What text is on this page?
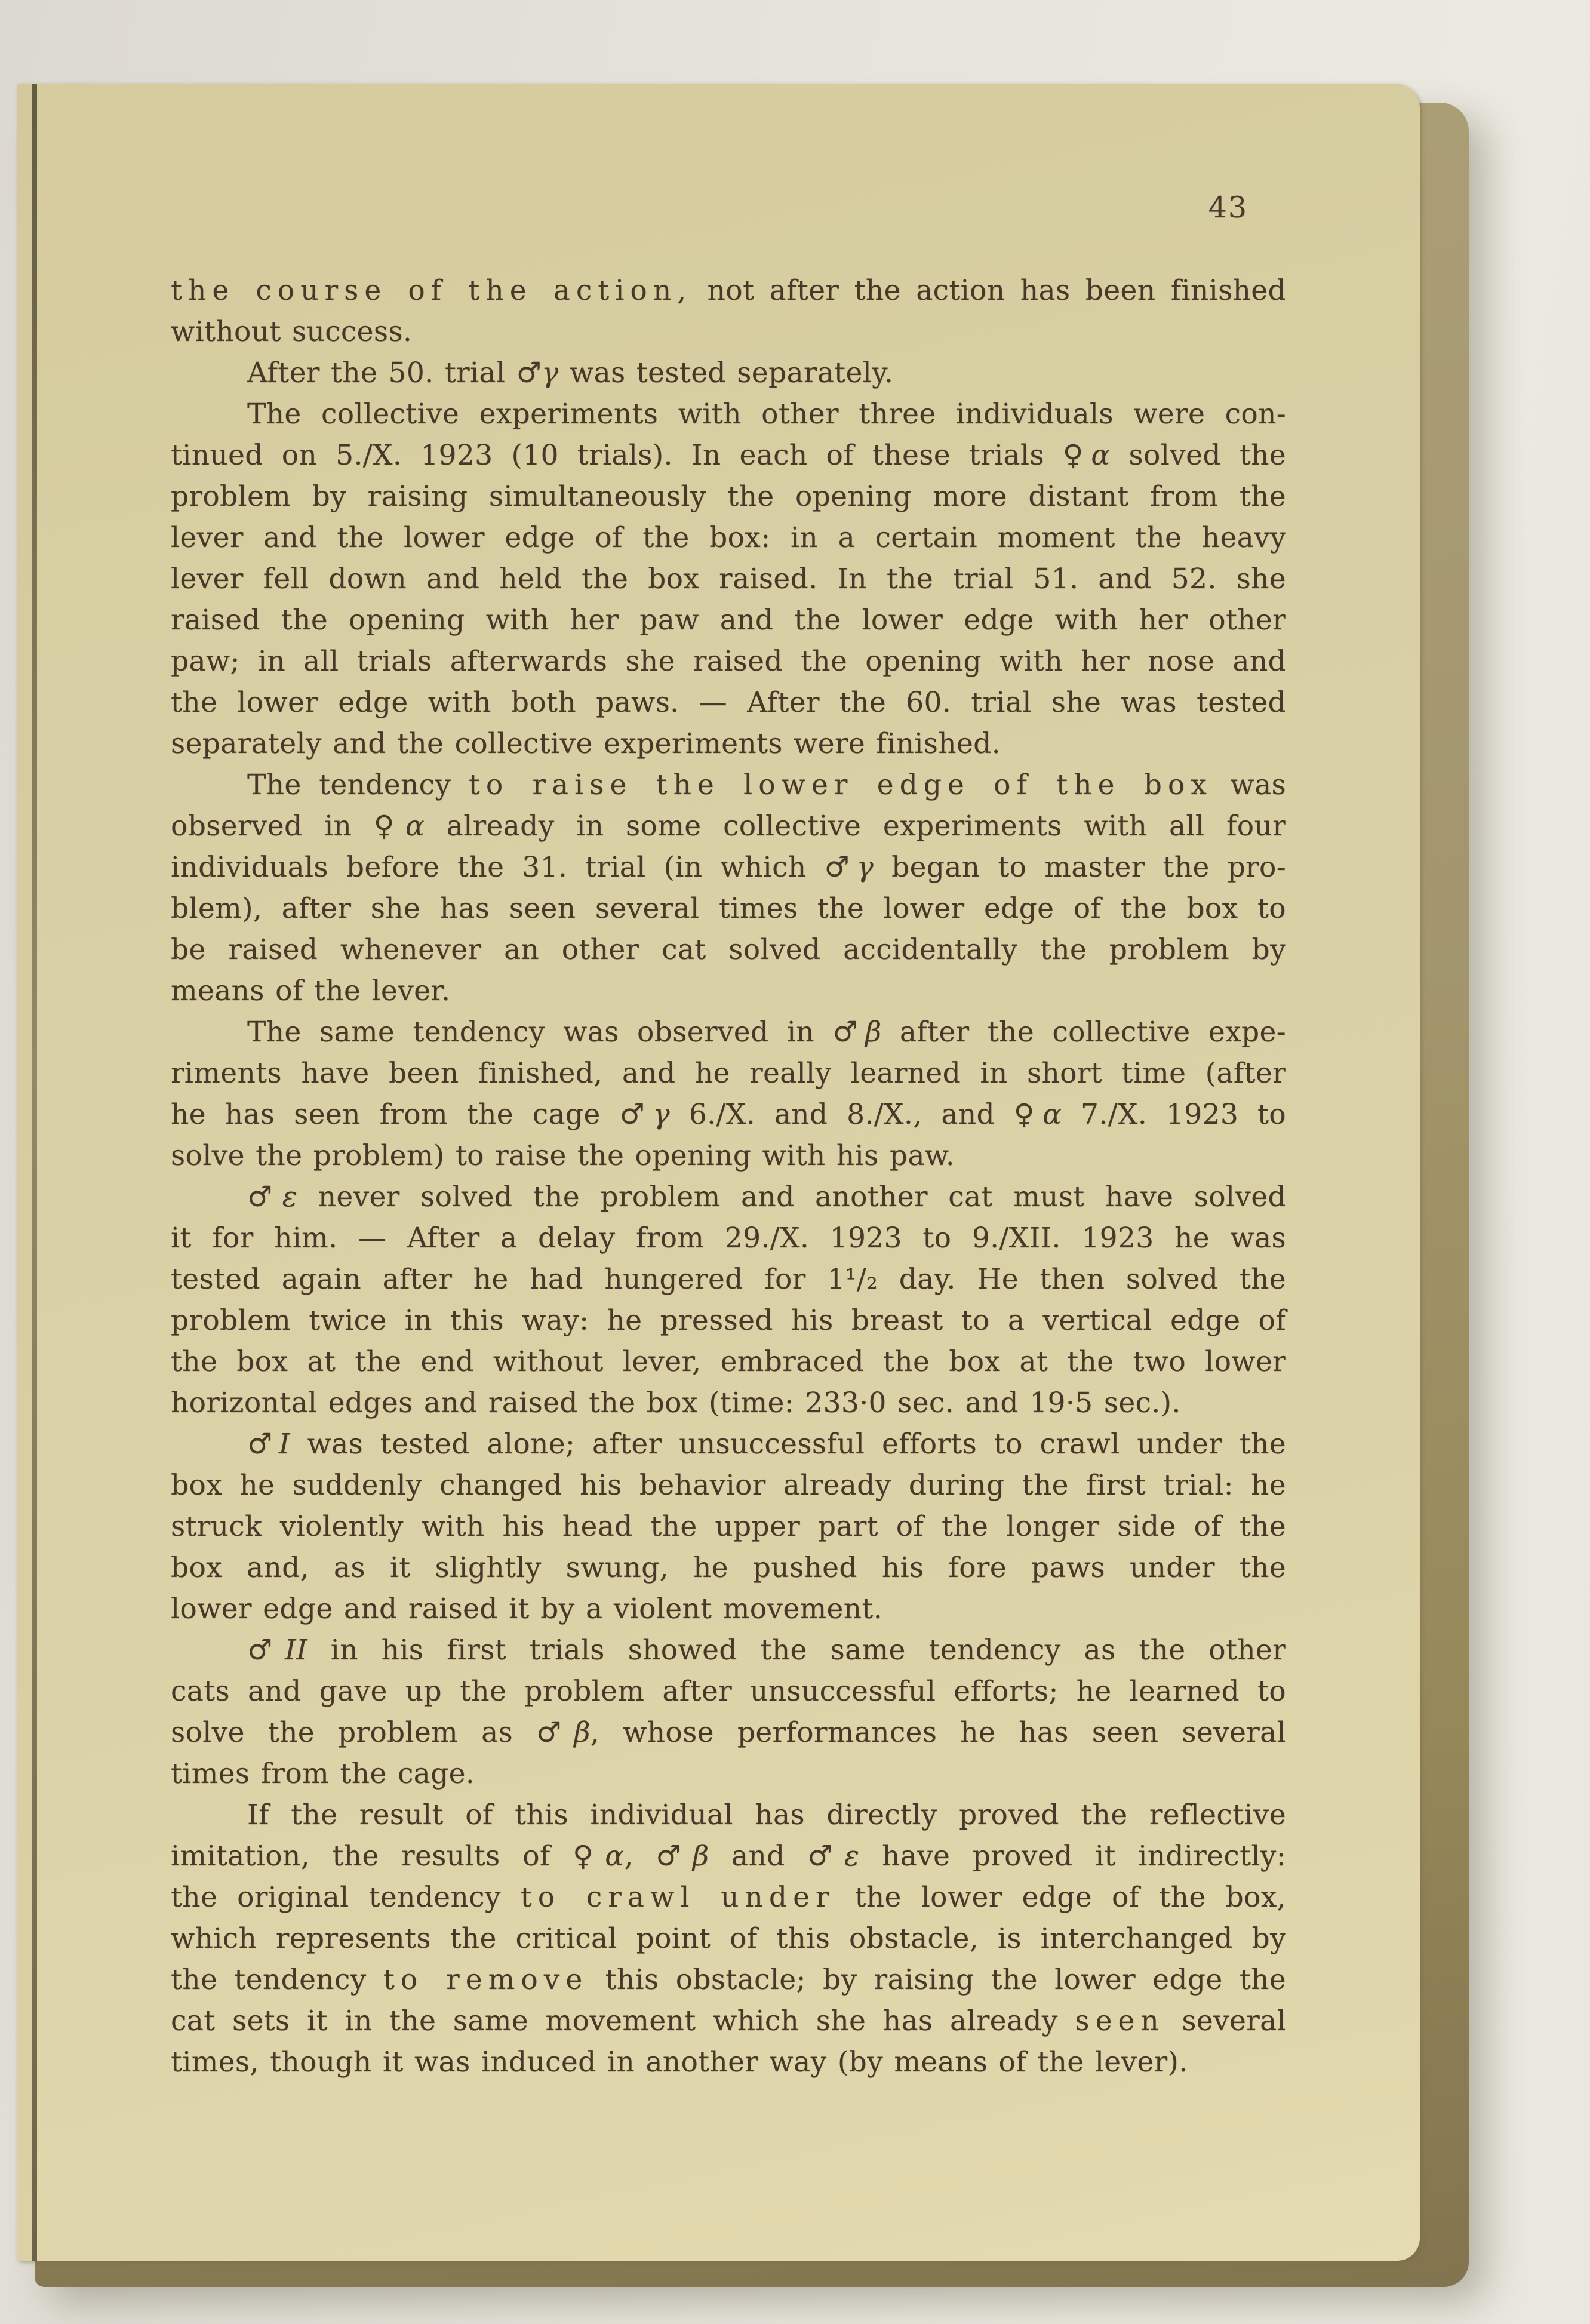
43
the course of the action, not after the action has been finished
without success.
After the 50. trial ♂γ was tested separately.
The collective experiments with other three individuals were con-
tinued on 5./X. 1923 (10 trials). In each of these trials ♀α solved the
problem by raising simultaneously the opening more distant from the
lever and the lower edge of the box: in a certain moment the heavy
lever fell down and held the box raised. In the trial 51. and 52. she
raised the opening with her paw and the lower edge with her other
paw; in all trials afterwards she raised the opening with her nose and
the lower edge with both paws. — After the 60. trial she was tested
separately and the collective experiments were finished.
The tendency to raise the lower edge of the box was
observed in ♀α already in some collective experiments with all four
individuals before the 31. trial (in which ♂γ began to master the pro-
blem), after she has seen several times the lower edge of the box to
be raised whenever an other cat solved accidentally the problem by
means of the lever.
The same tendency was observed in ♂β after the collective expe-
riments have been finished, and he really learned in short time (after
he has seen from the cage ♂γ 6./X. and 8./X., and ♀α 7./X. 1923 to
solve the problem) to raise the opening with his paw.
♂ε never solved the problem and another cat must have solved
it for him. — After a delay from 29./X. 1923 to 9./XII. 1923 he was
tested again after he had hungered for 1¹/₂ day. He then solved the
problem twice in this way: he pressed his breast to a vertical edge of
the box at the end without lever, embraced the box at the two lower
horizontal edges and raised the box (time: 233·0 sec. and 19·5 sec.).
♂I was tested alone; after unsuccessful efforts to crawl under the
box he suddenly changed his behavior already during the first trial: he
struck violently with his head the upper part of the longer side of the
box and, as it slightly swung, he pushed his fore paws under the
lower edge and raised it by a violent movement.
♂II in his first trials showed the same tendency as the other
cats and gave up the problem after unsuccessful efforts; he learned to
solve the problem as ♂β, whose performances he has seen several
times from the cage.
If the result of this individual has directly proved the reflective
imitation, the results of ♀α, ♂β and ♂ε have proved it indirectly:
the original tendency to crawl under the lower edge of the box,
which represents the critical point of this obstacle, is interchanged by
the tendency to remove this obstacle; by raising the lower edge the
cat sets it in the same movement which she has already seen several
times, though it was induced in another way (by means of the lever).
